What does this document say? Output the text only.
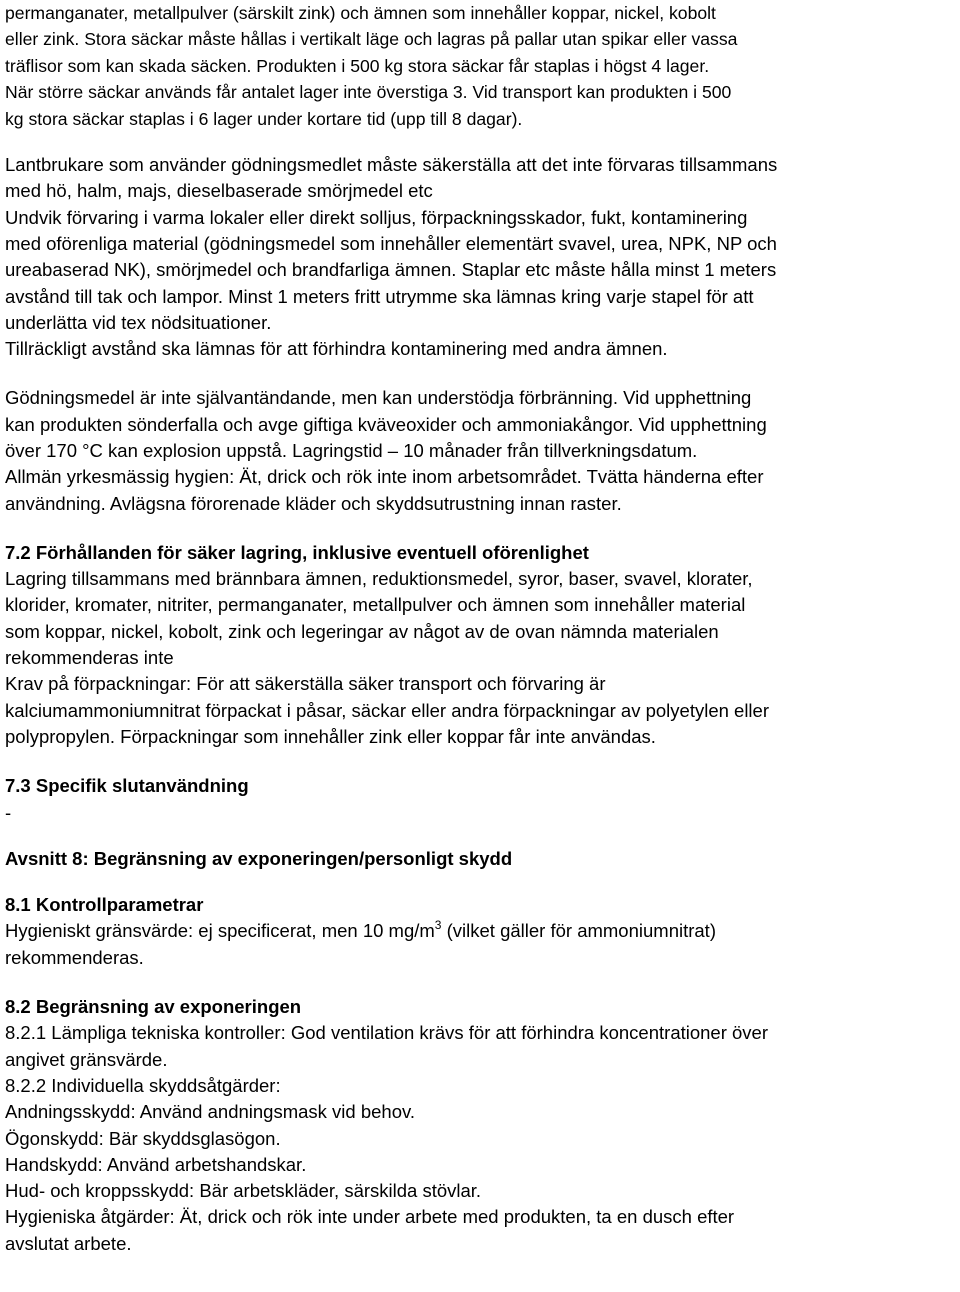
permanganater, metallpulver (särskilt zink) och ämnen som innehåller koppar, nickel, kobolt

eller zink. Stora säckar måste hållas i vertikalt läge och lagras på pallar utan spikar eller vassa

träflisor som kan skada säcken. Produkten i 500 kg stora säckar får staplas i högst 4 lager.

När större säckar används får antalet lager inte överstiga 3. Vid transport kan produkten i 500

kg stora säckar staplas i 6 lager under kortare tid (upp till 8 dagar).

Lantbrukare som använder gödningsmedlet måste säkerställa att det inte förvaras tillsammans

med hö, halm, majs, dieselbaserade smörjmedel etc

Undvik förvaring i varma lokaler eller direkt solljus, förpackningsskador, fukt, kontaminering

med oförenliga material (gödningsmedel som innehåller elementärt svavel, urea, NPK, NP och

ureabaserad NK), smörjmedel och brandfarliga ämnen. Staplar etc måste hålla minst 1 meters

avstånd till tak och lampor. Minst 1 meters fritt utrymme ska lämnas kring varje stapel för att

underlätta vid tex nödsituationer.

Tillräckligt avstånd ska lämnas för att förhindra kontaminering med andra ämnen.

Gödningsmedel är inte självantändande, men kan understödja förbränning. Vid upphettning

kan produkten sönderfalla och avge giftiga kväveoxider och ammoniakångor. Vid upphettning

över 170 °C kan explosion uppstå. Lagringstid – 10 månader från tillverkningsdatum.

Allmän yrkesmässig hygien: Ät, drick och rök inte inom arbetsområdet. Tvätta händerna efter

användning. Avlägsna förorenade kläder och skyddsutrustning innan raster.

7.2 Förhållanden för säker lagring, inklusive eventuell oförenlighet

Lagring tillsammans med brännbara ämnen, reduktionsmedel, syror, baser, svavel, klorater,

klorider, kromater, nitriter, permanganater, metallpulver och ämnen som innehåller material

som koppar, nickel, kobolt, zink och legeringar av något av de ovan nämnda materialen

rekommenderas inte

Krav på förpackningar: För att säkerställa säker transport och förvaring är

kalciumammoniumnitrat förpackat i påsar, säckar eller andra förpackningar av polyetylen eller

polypropylen. Förpackningar som innehåller zink eller koppar får inte användas.

7.3 Specifik slutanvändning

-

Avsnitt 8: Begränsning av exponeringen/personligt skydd

8.1 Kontrollparametrar

Hygieniskt gränsvärde: ej specificerat, men 10 $mg/m^3$ (vilket gäller för ammoniumnitrat)

rekommenderas.

8.2 Begränsning av exponeringen

8.2.1 Lämpliga tekniska kontroller: God ventilation krävs för att förhindra koncentrationer över

angivet gränsvärde.

8.2.2 Individuella skyddsåtgärder:

Andningsskydd: Använd andningsmask vid behov.

Ögonskydd: Bär skyddsglasögon.

Handskydd: Använd arbetshandskar.

Hud- och kroppsskydd: Bär arbetskläder, särskilda stövlar.

Hygieniska åtgärder: Ät, drick och rök inte under arbete med produkten, ta en dusch efter

avslutat arbete.
